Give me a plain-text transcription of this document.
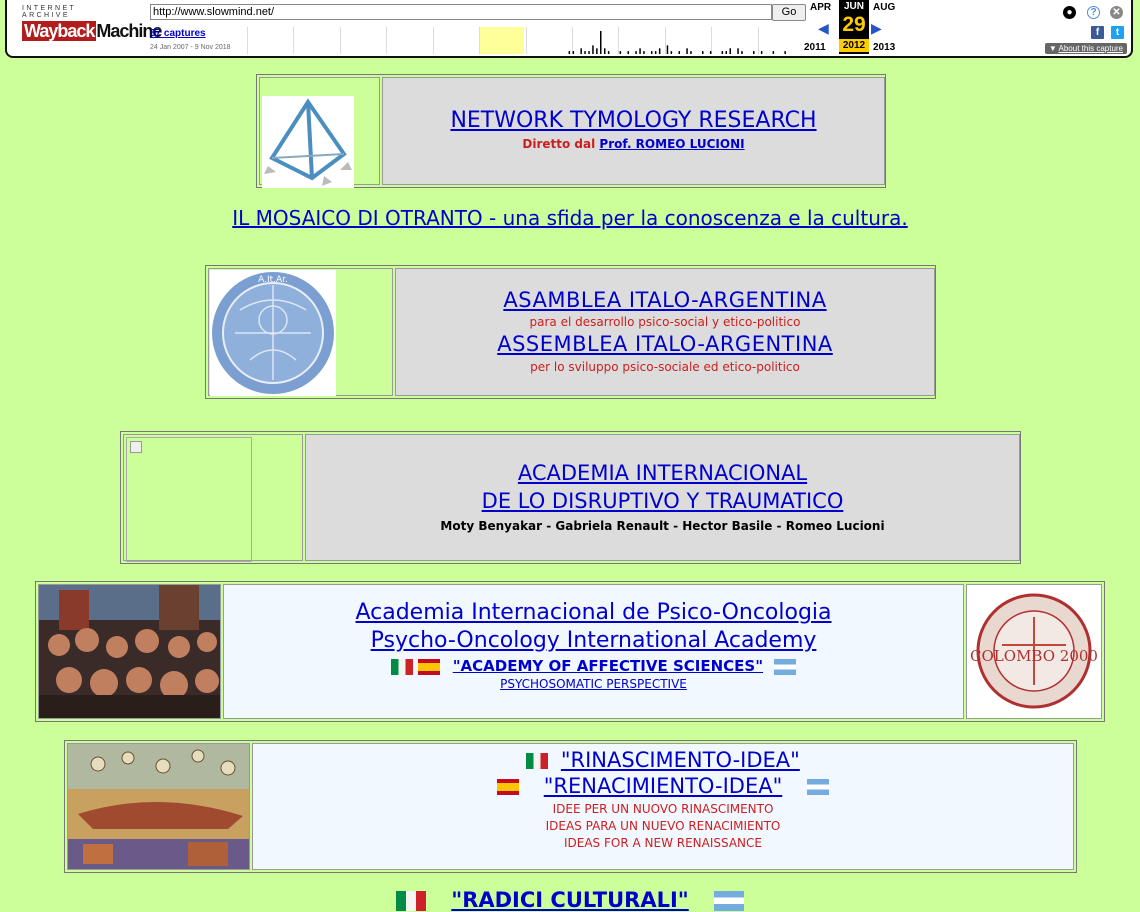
INTERNET ARCHIVE
Wayback Machine
http://www.slowmind.net/	Go
87 captures
24 Jan 2007 - 9 Nov 2018
APR	JUN
29
2012
AUG
◀	▶
2011	2013
●	?	✕
f	t
▼ About this capture
NETWORK TYMOLOGY RESEARCH
Diretto dal Prof. ROMEO LUCIONI
IL MOSAICO DI OTRANTO - una sfida per la conoscenza e la cultura.
A.It.Ar.
ASAMBLEA ITALO-ARGENTINA
para el desarrollo psico-social y etico-politico
ASSEMBLEA ITALO-ARGENTINA
per lo sviluppo psico-sociale ed etico-politico
ACADEMIA INTERNACIONAL
DE LO DISRUPTIVO Y TRAUMATICO
Moty Benyakar - Gabriela Renault - Hector Basile - Romeo Lucioni
Academia Internacional de Psico-Oncologia
Psycho-Oncology International Academy
"ACADEMY OF AFFECTIVE SCIENCES"
PSYCHOSOMATIC PERSPECTIVE
COLOMBO 2000
"RINASCIMENTO-IDEA"
"RENACIMIENTO-IDEA"
IDEE PER UN NUOVO RINASCIMENTO
IDEAS PARA UN NUEVO RENACIMIENTO
IDEAS FOR A NEW RENAISSANCE
"RADICI CULTURALI"
